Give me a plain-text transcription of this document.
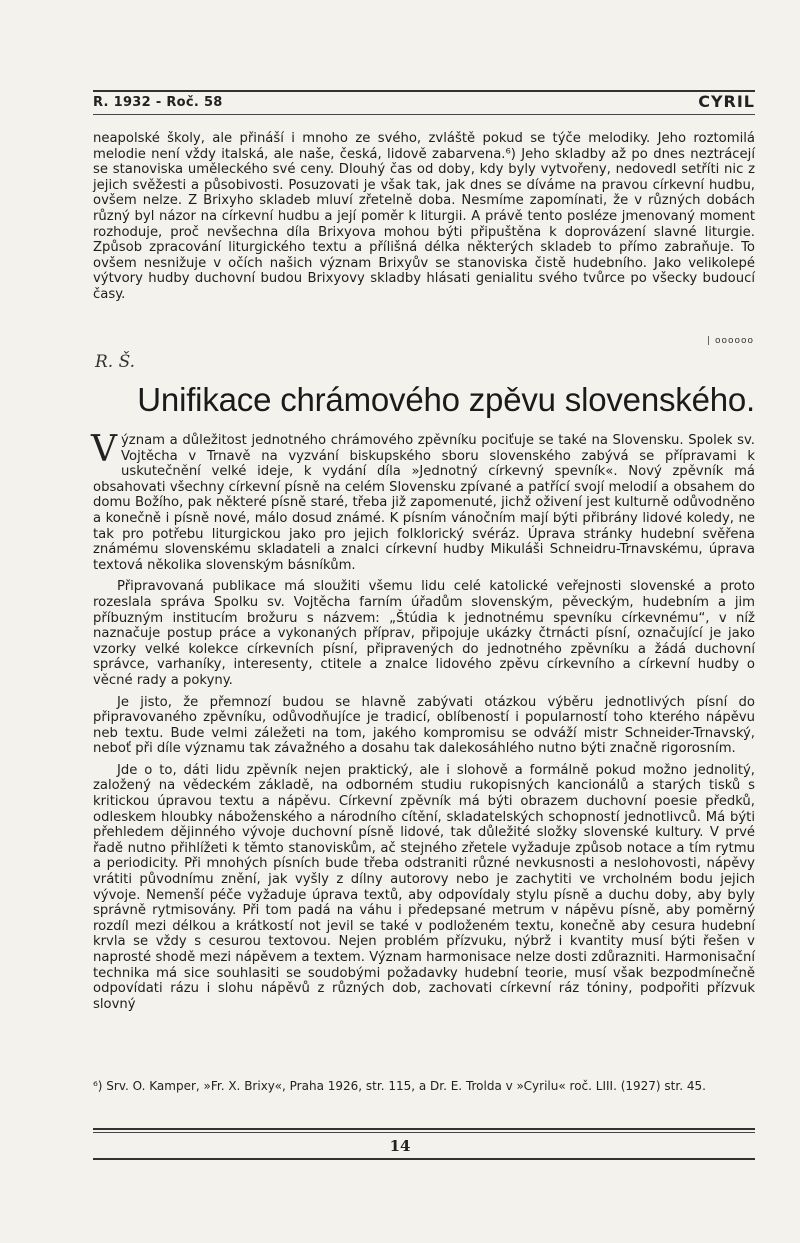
R. 1932 - Roč. 58	CYRIL

neapolské školy, ale přináší i mnoho ze svého, zvláště pokud se týče melodiky. Jeho roztomilá melodie není vždy italská, ale naše, česká, lidově zabarvena.⁶) Jeho skladby až po dnes neztrácejí se stanoviska uměleckého své ceny. Dlouhý čas od doby, kdy byly vytvořeny, nedovedl setříti nic z jejich svěžesti a působivosti. Posuzovati je však tak, jak dnes se díváme na pravou církevní hudbu, ovšem nelze. Z Brixyho skladeb mluví zřetelně doba. Nesmíme zapomínati, že v různých dobách různý byl názor na církevní hudbu a její poměr k liturgii. A právě tento posléze jmenovaný moment rozhoduje, proč nevšechna díla Brixyova mohou býti připuštěna k doprovázení slavné liturgie. Způsob zpracování liturgického textu a přílišná délka některých skladeb to přímo zabraňuje. To ovšem nesnižuje v očích našich význam Brixyův se stanoviska čistě hudebního. Jako velikolepé výtvory hudby duchovní budou Brixyovy skladby hlásati genialitu svého tvůrce po všecky budoucí časy.

| oooooo
R. Š.
Unifikace chrámového zpěvu slovenského.

Význam a důležitost jednotného chrámového zpěvníku pociťuje se také na Slovensku. Spolek sv. Vojtěcha v Trnavě na vyzvání biskupského sboru slovenského zabývá se přípravami k uskutečnění velké ideje, k vydání díla »Jednotný církevný spevník«. Nový zpěvník má obsahovati všechny církevní písně na celém Slovensku zpívané a patřící svojí melodií a obsahem do domu Božího, pak některé písně staré, třeba již zapomenuté, jichž oživení jest kulturně odůvodněno a konečně i písně nové, málo dosud známé. K písním vánočním mají býti přibrány lidové koledy, ne tak pro potřebu liturgickou jako pro jejich folklorický svéráz. Úprava stránky hudební svěřena známému slovenskému skladateli a znalci církevní hudby Mikuláši Schneidru-Trnavskému, úprava textová několika slovenským básníkům.

Připravovaná publikace má sloužiti všemu lidu celé katolické veřejnosti slovenské a proto rozeslala správa Spolku sv. Vojtěcha farním úřadům slovenským, pěveckým, hudebním a jim příbuzným institucím brožuru s názvem: „Štúdia k jednotnému spevníku církevnému“, v níž naznačuje postup práce a vykonaných příprav, připojuje ukázky čtrnácti písní, označující je jako vzorky velké kolekce církevních písní, připravených do jednotného zpěvníku a žádá duchovní správce, varhaníky, interesenty, ctitele a znalce lidového zpěvu církevního a církevní hudby o věcné rady a pokyny.

Je jisto, že přemnozí budou se hlavně zabývati otázkou výběru jednotlivých písní do připravovaného zpěvníku, odůvodňujíce je tradicí, oblíbeností i popularností toho kterého nápěvu neb textu. Bude velmi záležeti na tom, jakého kompromisu se odváží mistr Schneider-Trnavský, neboť při díle významu tak závažného a dosahu tak dalekosáhlého nutno býti značně rigorosním.

Jde o to, dáti lidu zpěvník nejen praktický, ale i slohově a formálně pokud možno jednolitý, založený na vědeckém základě, na odborném studiu rukopisných kancionálů a starých tisků s kritickou úpravou textu a nápěvu. Církevní zpěvník má býti obrazem duchovní poesie předků, odleskem hloubky náboženského a národního cítění, skladatelských schopností jednotlivců. Má býti přehledem dějinného vývoje duchovní písně lidové, tak důležité složky slovenské kultury. V prvé řadě nutno přihlížeti k těmto stanoviskům, ač stejného zřetele vyžaduje způsob notace a tím rytmu a periodicity. Při mnohých písních bude třeba odstraniti různé nevkusnosti a neslohovosti, nápěvy vrátiti původnímu znění, jak vyšly z dílny autorovy nebo je zachytiti ve vrcholném bodu jejich vývoje. Nemenší péče vyžaduje úprava textů, aby odpovídaly stylu písně a duchu doby, aby byly správně rytmisovány. Při tom padá na váhu i předepsané metrum v nápěvu písně, aby poměrný rozdíl mezi délkou a krátkostí not jevil se také v podloženém textu, konečně aby cesura hudební krvla se vždy s cesurou textovou. Nejen problém přízvuku, nýbrž i kvantity musí býti řešen v naprosté shodě mezi nápěvem a textem. Význam harmonisace nelze dosti zdůrazniti. Harmonisační technika má sice souhlasiti se soudobými požadavky hudební teorie, musí však bezpodmínečně odpovídati rázu i slohu nápěvů z různých dob, zachovati církevní ráz tóniny, podpořiti přízvuk slovný

⁶) Srv. O. Kamper, »Fr. X. Brixy«, Praha 1926, str. 115, a Dr. E. Trolda v »Cyrilu« roč. LIII. (1927) str. 45.
14
